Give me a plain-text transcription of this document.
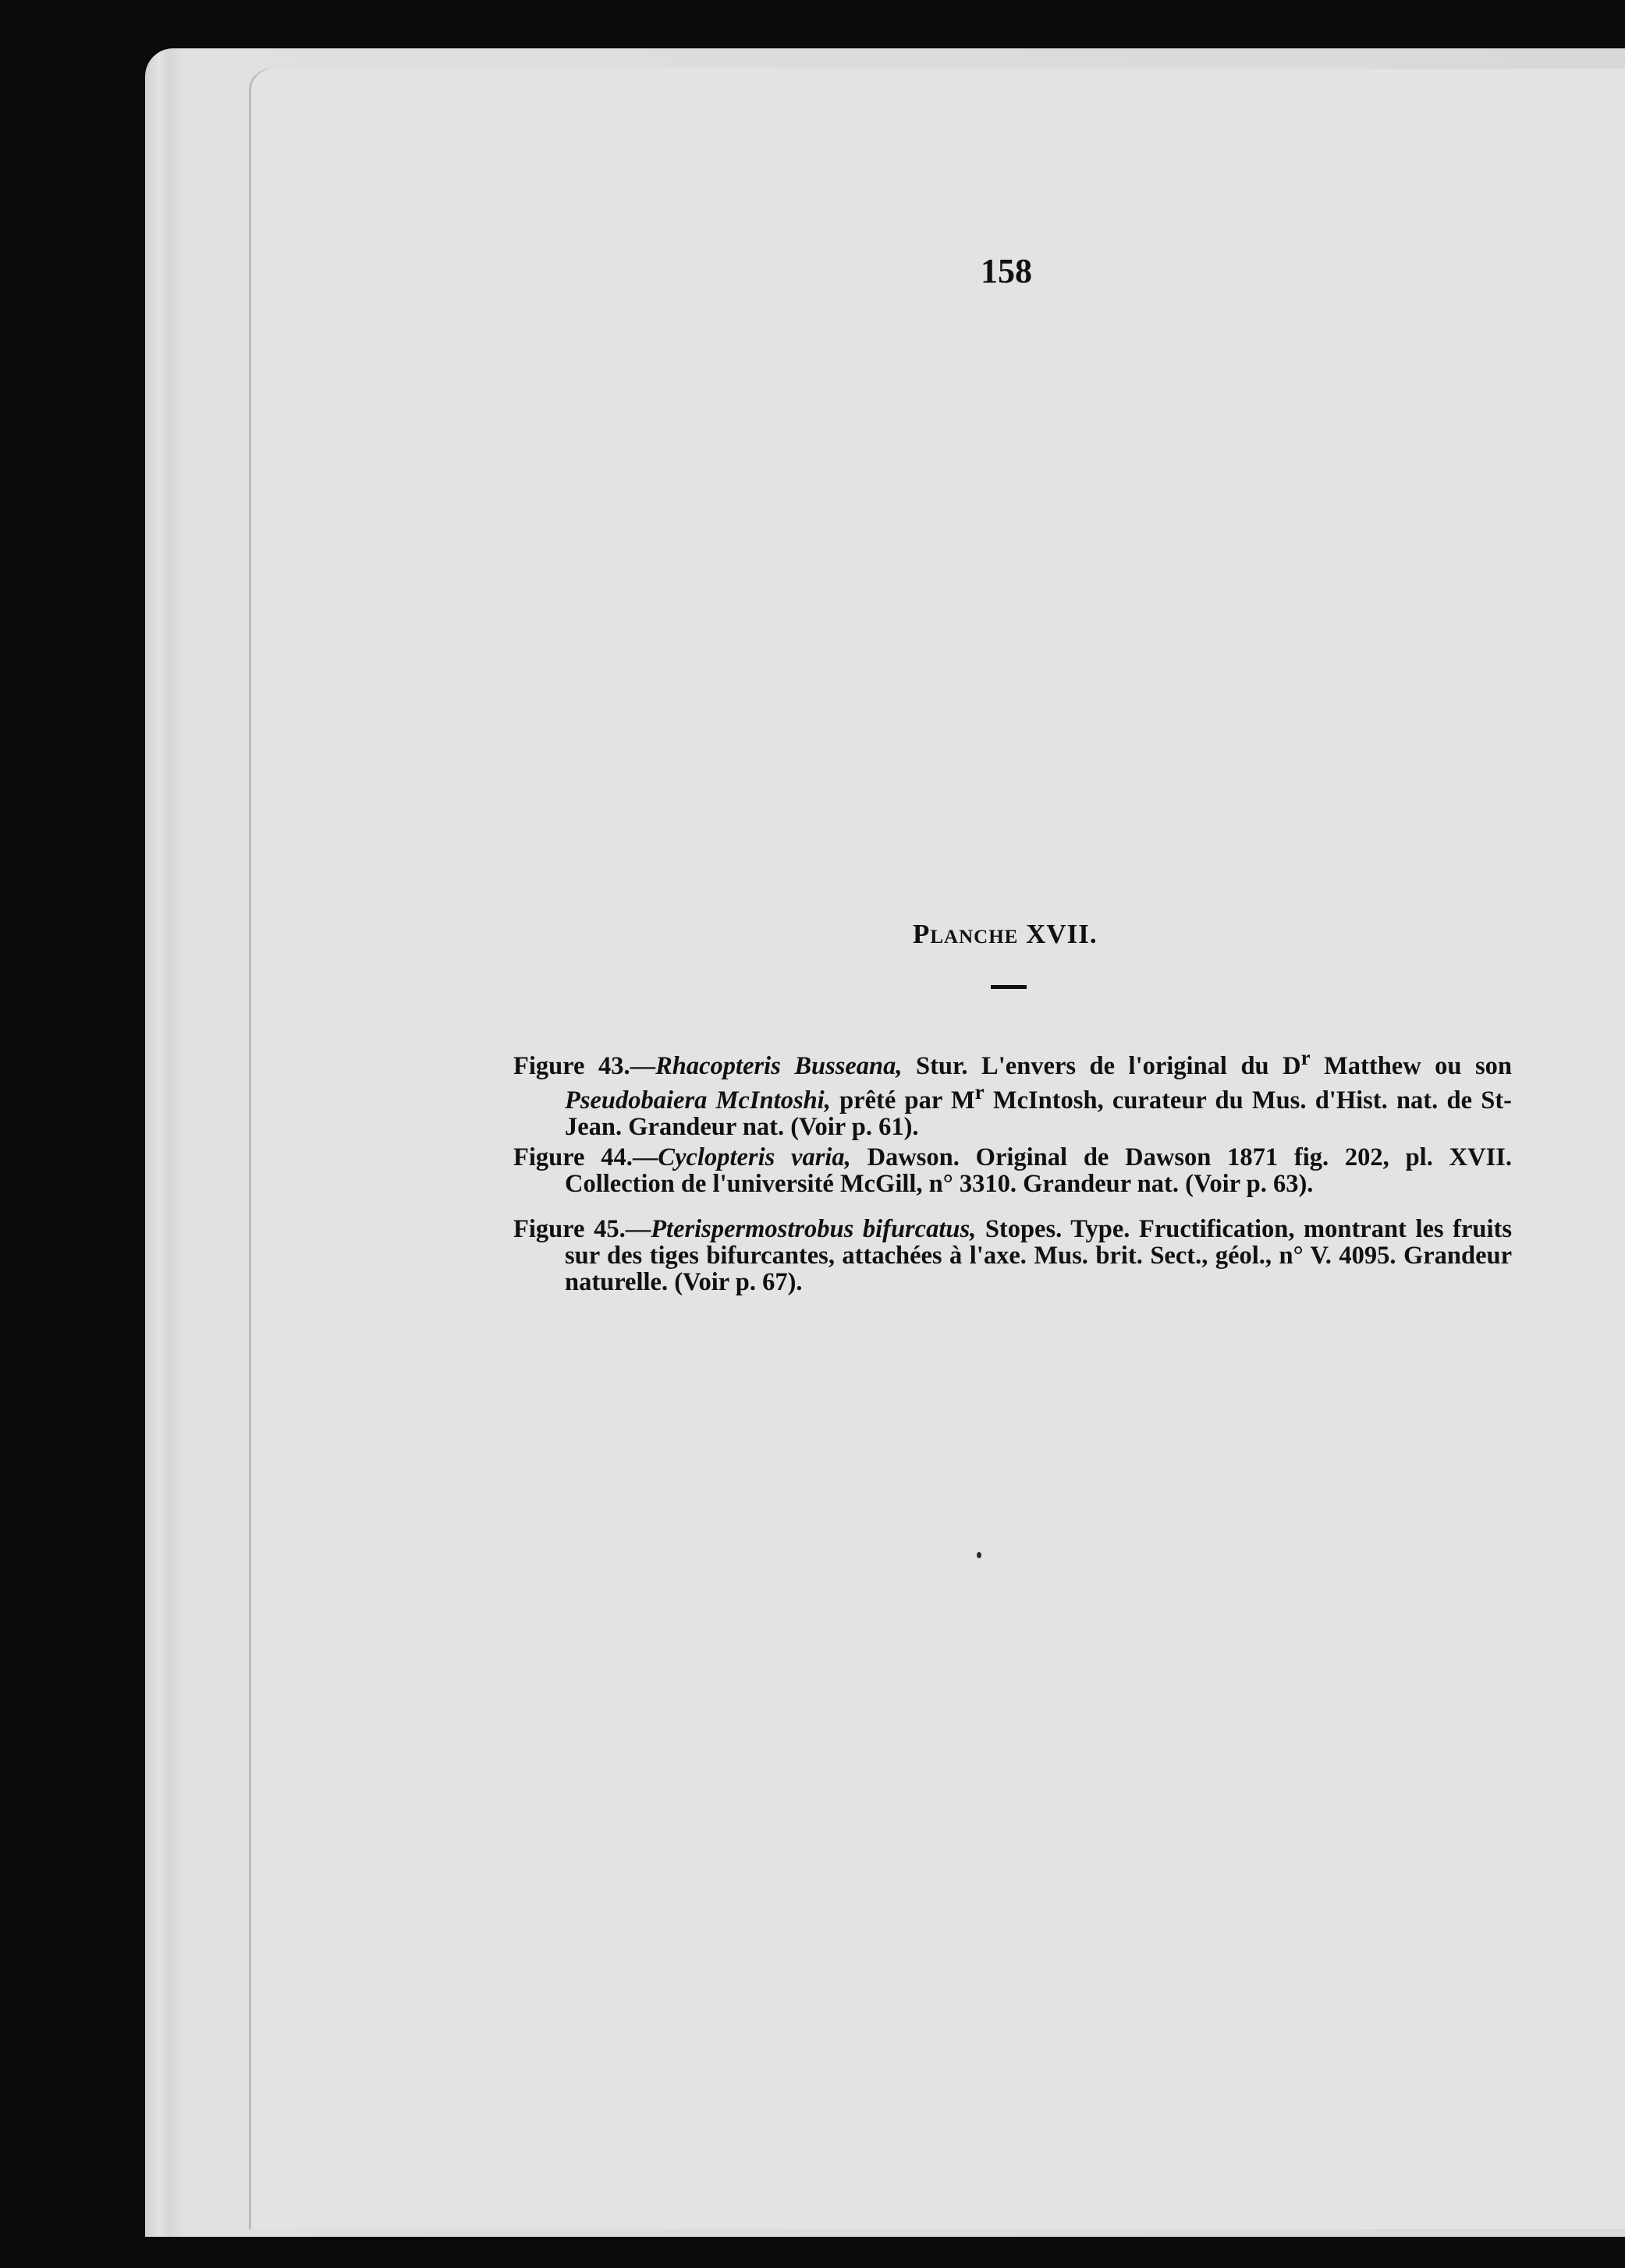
158
Planche XVII.

Figure 43.—Rhacopteris Busseana, Stur. L'envers de l'original du $D^r$ Matthew ou son Pseudobaiera McIntoshi, prêté par $M^r$ McIntosh, curateur du Mus. d'Hist. nat. de St-Jean. Grandeur nat. (Voir p. 61).

Figure 44.—Cyclopteris varia, Dawson. Original de Dawson 1871 fig. 202, pl. XVII. Collection de l'université McGill, n° 3310. Grandeur nat. (Voir p. 63).

Figure 45.—Pterispermostrobus bifurcatus, Stopes. Type. Fructification, montrant les fruits sur des tiges bifurcantes, attachées à l'axe. Mus. brit. Sect., géol., n° V. 4095. Grandeur naturelle. (Voir p. 67).
